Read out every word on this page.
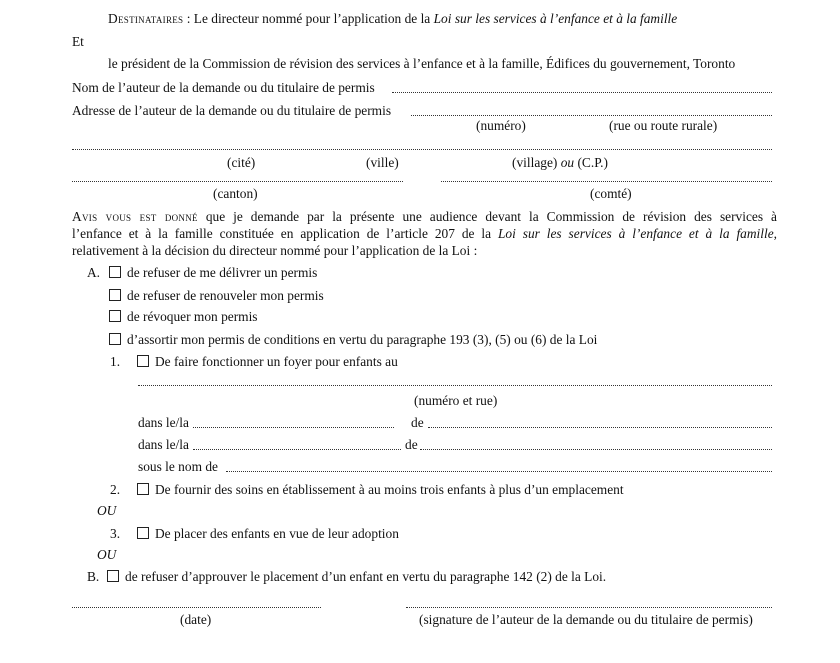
Destinataires : Le directeur nommé pour l’application de la Loi sur les services à l’enfance et à la famille
Et
le président de la Commission de révision des services à l’enfance et à la famille, Édifices du gouvernement, Toronto
Nom de l’auteur de la demande ou du titulaire de permis
Adresse de l’auteur de la demande ou du titulaire de permis
(numéro)	(rue ou route rurale)
(cité)	(ville)	(village) ou (C.P.)
(canton)	(comté)
Avis vous est donné que je demande par la présente une audience devant la Commission de révision des services à
l’enfance et à la famille constituée en application de l’article 207 de la Loi sur les services à l’enfance et à la famille,
relativement à la décision du directeur nommé pour l’application de la Loi :
A.	de refuser de me délivrer un permis
de refuser de renouveler mon permis
de révoquer mon permis
d’assortir mon permis de conditions en vertu du paragraphe 193 (3), (5) ou (6) de la Loi
1.	De faire fonctionner un foyer pour enfants au
(numéro et rue)
dans le/la	de
dans le/la	de
sous le nom de
2.	De fournir des soins en établissement à au moins trois enfants à plus d’un emplacement
OU
3.	De placer des enfants en vue de leur adoption
OU
B.	de refuser d’approuver le placement d’un enfant en vertu du paragraphe 142 (2) de la Loi.
(date)	(signature de l’auteur de la demande ou du titulaire de permis)
